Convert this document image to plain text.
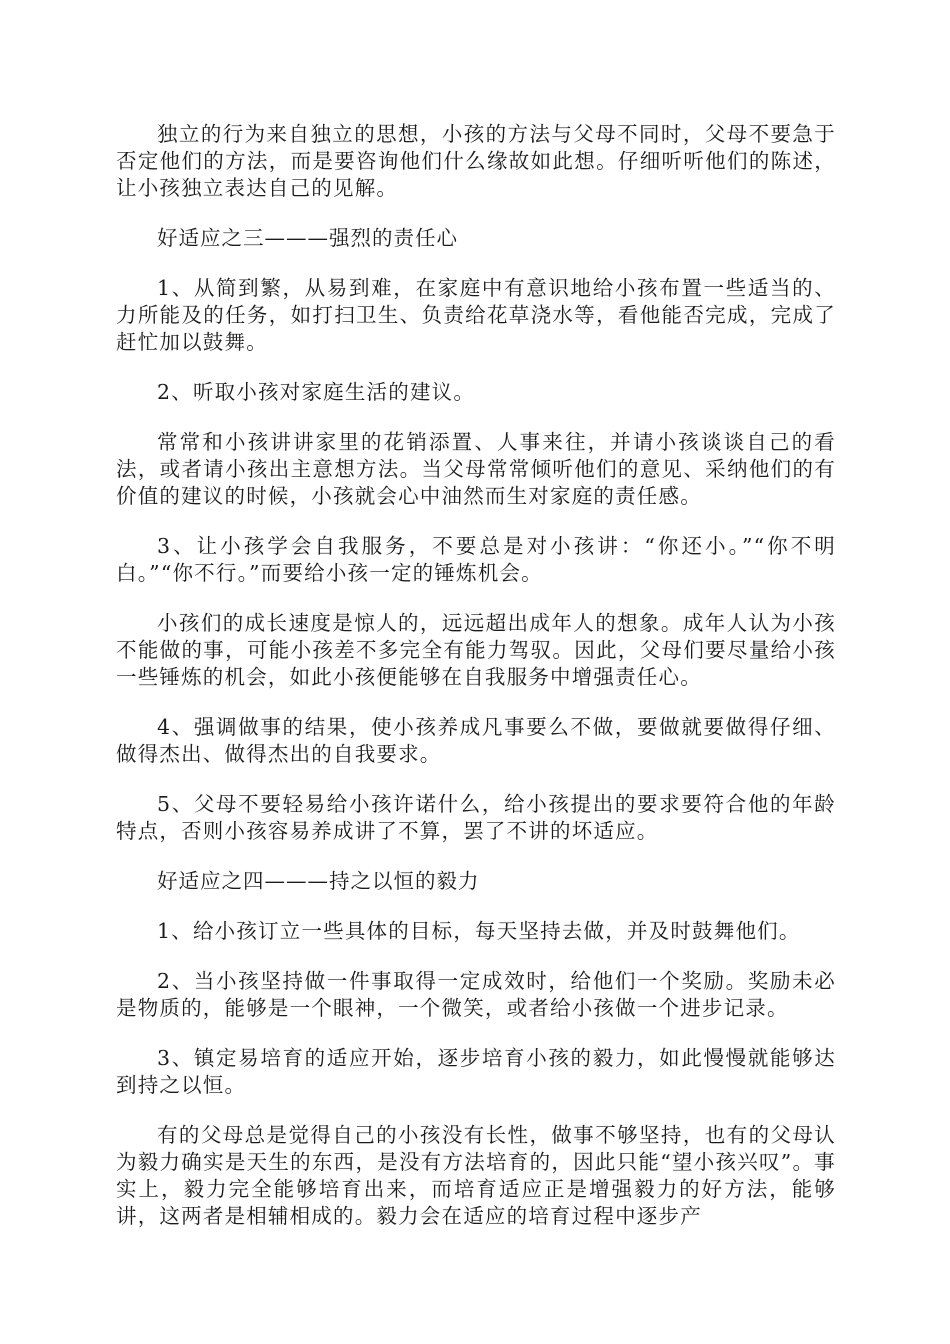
独立的行为来自独立的思想，小孩的方法与父母不同时，父母不要急于否定他们的方法，而是要咨询他们什么缘故如此想。仔细听听他们的陈述，让小孩独立表达自己的见解。

好适应之三———强烈的责任心

1、从简到繁，从易到难，在家庭中有意识地给小孩布置一些适当的、力所能及的任务，如打扫卫生、负责给花草浇水等，看他能否完成，完成了赶忙加以鼓舞。

2、听取小孩对家庭生活的建议。

常常和小孩讲讲家里的花销添置、人事来往，并请小孩谈谈自己的看法，或者请小孩出主意想方法。当父母常常倾听他们的意见、采纳他们的有价值的建议的时候，小孩就会心中油然而生对家庭的责任感。

3、让小孩学会自我服务，不要总是对小孩讲：“你还小。”“你不明白。”“你不行。”而要给小孩一定的锤炼机会。

小孩们的成长速度是惊人的，远远超出成年人的想象。成年人认为小孩不能做的事，可能小孩差不多完全有能力驾驭。因此，父母们要尽量给小孩一些锤炼的机会，如此小孩便能够在自我服务中增强责任心。

4、强调做事的结果，使小孩养成凡事要么不做，要做就要做得仔细、做得杰出、做得杰出的自我要求。

5、父母不要轻易给小孩许诺什么，给小孩提出的要求要符合他的年龄特点，否则小孩容易养成讲了不算，罢了不讲的坏适应。

好适应之四———持之以恒的毅力

1、给小孩订立一些具体的目标，每天坚持去做，并及时鼓舞他们。

2、当小孩坚持做一件事取得一定成效时，给他们一个奖励。奖励未必是物质的，能够是一个眼神，一个微笑，或者给小孩做一个进步记录。

3、镇定易培育的适应开始，逐步培育小孩的毅力，如此慢慢就能够达到持之以恒。

有的父母总是觉得自己的小孩没有长性，做事不够坚持，也有的父母认为毅力确实是天生的东西，是没有方法培育的，因此只能“望小孩兴叹”。事实上，毅力完全能够培育出来，而培育适应正是增强毅力的好方法，能够讲，这两者是相辅相成的。毅力会在适应的培育过程中逐步产
